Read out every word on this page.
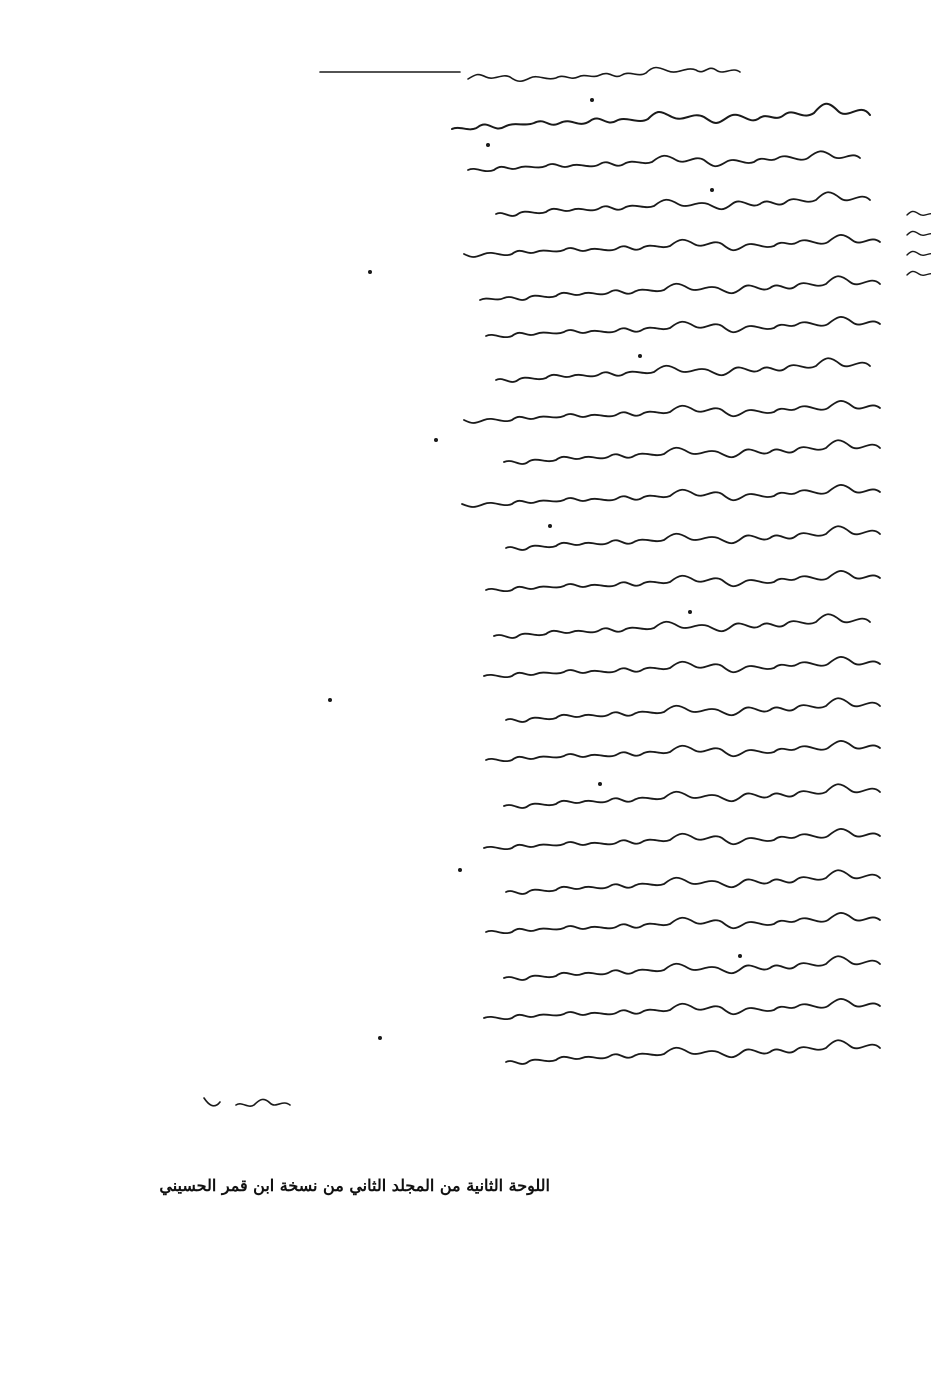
اللوحة الثانية من المجلد الثاني من نسخة ابن قمر الحسيني
